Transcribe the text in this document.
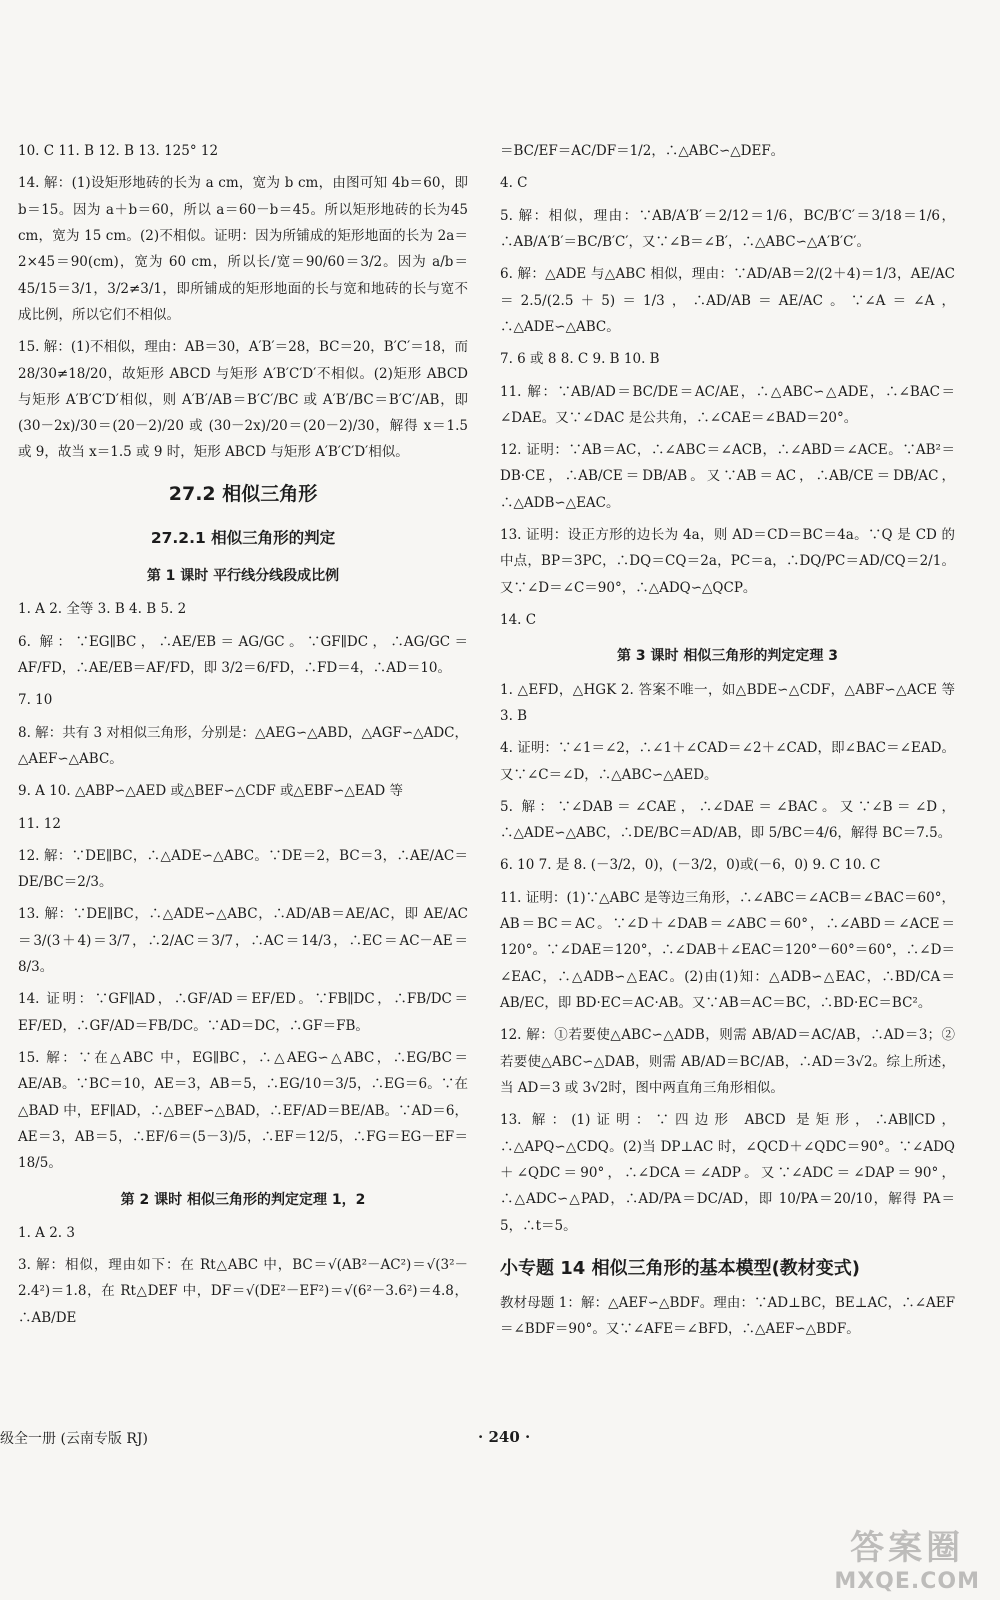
10. C 11. B 12. B 13. 125° 12

14. 解：(1)设矩形地砖的长为 a cm，宽为 b cm，由图可知 4b＝60，即 b＝15。因为 a＋b＝60，所以 a＝60－b＝45。所以矩形地砖的长为45 cm，宽为 15 cm。(2)不相似。证明：因为所铺成的矩形地面的长为 2a＝2×45＝90(cm)，宽为 60 cm，所以长/宽＝90/60＝3/2。因为 a/b＝45/15＝3/1，3/2≠3/1，即所铺成的矩形地面的长与宽和地砖的长与宽不成比例，所以它们不相似。

15. 解：(1)不相似，理由：AB＝30，A′B′＝28，BC＝20，B′C′＝18，而 28/30≠18/20，故矩形 ABCD 与矩形 A′B′C′D′不相似。(2)矩形 ABCD 与矩形 A′B′C′D′相似，则 A′B′/AB＝B′C′/BC 或 A′B′/BC＝B′C′/AB，即 (30－2x)/30＝(20－2)/20 或 (30－2x)/20＝(20－2)/30，解得 x＝1.5 或 9，故当 x＝1.5 或 9 时，矩形 ABCD 与矩形 A′B′C′D′相似。

27.2 相似三角形
27.2.1 相似三角形的判定
第 1 课时 平行线分线段成比例

1. A 2. 全等 3. B 4. B 5. 2

6. 解：∵EG∥BC，∴AE/EB＝AG/GC。∵GF∥DC，∴AG/GC＝AF/FD，∴AE/EB＝AF/FD，即 3/2＝6/FD，∴FD＝4，∴AD＝10。

7. 10

8. 解：共有 3 对相似三角形，分别是：△AEG∽△ABD，△AGF∽△ADC，△AEF∽△ABC。

9. A 10. △ABP∽△AED 或△BEF∽△CDF 或△EBF∽△EAD 等

11. 12

12. 解：∵DE∥BC，∴△ADE∽△ABC。∵DE＝2，BC＝3，∴AE/AC＝DE/BC＝2/3。

13. 解：∵DE∥BC，∴△ADE∽△ABC，∴AD/AB＝AE/AC，即 AE/AC＝3/(3＋4)＝3/7，∴2/AC＝3/7，∴AC＝14/3，∴EC＝AC－AE＝8/3。

14. 证明：∵GF∥AD，∴GF/AD＝EF/ED。∵FB∥DC，∴FB/DC＝EF/ED，∴GF/AD＝FB/DC。∵AD＝DC，∴GF＝FB。

15. 解：∵在△ABC 中，EG∥BC，∴△AEG∽△ABC，∴EG/BC＝AE/AB。∵BC＝10，AE＝3，AB＝5，∴EG/10＝3/5，∴EG＝6。∵在△BAD 中，EF∥AD，∴△BEF∽△BAD，∴EF/AD＝BE/AB。∵AD＝6，AE＝3，AB＝5，∴EF/6＝(5－3)/5，∴EF＝12/5，∴FG＝EG－EF＝18/5。

第 2 课时 相似三角形的判定定理 1，2

1. A 2. 3

3. 解：相似，理由如下：在 Rt△ABC 中，BC＝√(AB²－AC²)＝√(3²－2.4²)＝1.8，在 Rt△DEF 中，DF＝√(DE²－EF²)＝√(6²－3.6²)＝4.8，∴AB/DE

＝BC/EF＝AC/DF＝1/2，∴△ABC∽△DEF。

4. C

5. 解：相似，理由：∵AB/A′B′＝2/12＝1/6，BC/B′C′＝3/18＝1/6，∴AB/A′B′＝BC/B′C′，又∵∠B＝∠B′，∴△ABC∽△A′B′C′。

6. 解：△ADE 与△ABC 相似，理由：∵AD/AB＝2/(2＋4)＝1/3，AE/AC＝2.5/(2.5＋5)＝1/3，∴AD/AB＝AE/AC。∵∠A＝∠A，∴△ADE∽△ABC。

7. 6 或 8 8. C 9. B 10. B

11. 解：∵AB/AD＝BC/DE＝AC/AE，∴△ABC∽△ADE，∴∠BAC＝∠DAE。又∵∠DAC 是公共角，∴∠CAE＝∠BAD＝20°。

12. 证明：∵AB＝AC，∴∠ABC＝∠ACB，∴∠ABD＝∠ACE。∵AB²＝DB·CE，∴AB/CE＝DB/AB。又∵AB＝AC，∴AB/CE＝DB/AC，∴△ADB∽△EAC。

13. 证明：设正方形的边长为 4a，则 AD＝CD＝BC＝4a。∵Q 是 CD 的中点，BP＝3PC，∴DQ＝CQ＝2a，PC＝a，∴DQ/PC＝AD/CQ＝2/1。又∵∠D＝∠C＝90°，∴△ADQ∽△QCP。

14. C

第 3 课时 相似三角形的判定定理 3

1. △EFD，△HGK 2. 答案不唯一，如△BDE∽△CDF，△ABF∽△ACE 等 3. B

4. 证明：∵∠1＝∠2，∴∠1＋∠CAD＝∠2＋∠CAD，即∠BAC＝∠EAD。又∵∠C＝∠D，∴△ABC∽△AED。

5. 解：∵∠DAB＝∠CAE，∴∠DAE＝∠BAC。又∵∠B＝∠D，∴△ADE∽△ABC，∴DE/BC＝AD/AB，即 5/BC＝4/6，解得 BC＝7.5。

6. 10 7. 是 8. (－3/2，0)，(－3/2，0)或(－6，0) 9. C 10. C

11. 证明：(1)∵△ABC 是等边三角形，∴∠ABC＝∠ACB＝∠BAC＝60°，AB＝BC＝AC。∵∠D＋∠DAB＝∠ABC＝60°，∴∠ABD＝∠ACE＝120°。∵∠DAE＝120°，∴∠DAB＋∠EAC＝120°－60°＝60°，∴∠D＝∠EAC，∴△ADB∽△EAC。(2)由(1)知：△ADB∽△EAC，∴BD/CA＝AB/EC，即 BD·EC＝AC·AB。又∵AB＝AC＝BC，∴BD·EC＝BC²。

12. 解：①若要使△ABC∽△ADB，则需 AB/AD＝AC/AB，∴AD＝3；②若要使△ABC∽△DAB，则需 AB/AD＝BC/AB，∴AD＝3√2。综上所述，当 AD＝3 或 3√2时，图中两直角三角形相似。

13. 解：(1)证明：∵四边形 ABCD 是矩形，∴AB∥CD，∴△APQ∽△CDQ。(2)当 DP⊥AC 时，∠QCD＋∠QDC＝90°。∵∠ADQ＋∠QDC＝90°，∴∠DCA＝∠ADP。又∵∠ADC＝∠DAP＝90°，∴△ADC∽△PAD，∴AD/PA＝DC/AD，即 10/PA＝20/10，解得 PA＝5，∴t＝5。

小专题 14 相似三角形的基本模型(教材变式)

教材母题 1：解：△AEF∽△BDF。理由：∵AD⊥BC，BE⊥AC，∴∠AEF＝∠BDF＝90°。又∵∠AFE＝∠BFD，∴△AEF∽△BDF。

级全一册 (云南专版 RJ)	· 240 ·
答案圈
MXQE.COM
